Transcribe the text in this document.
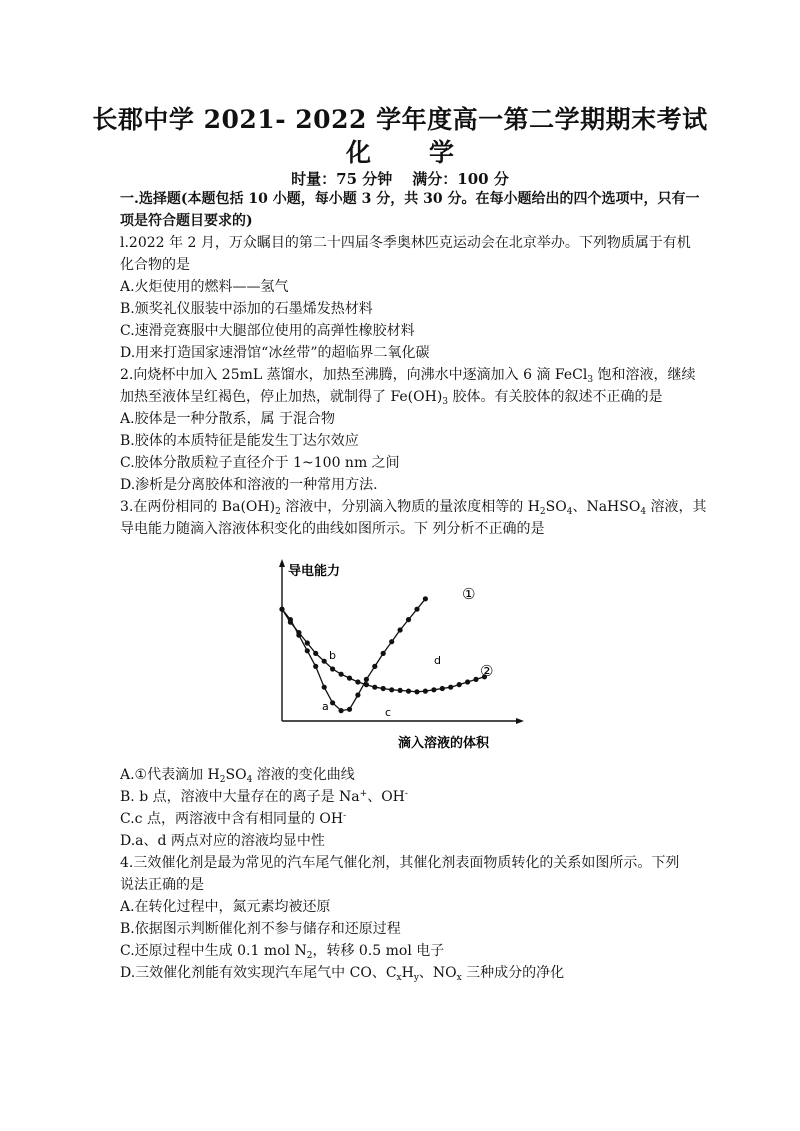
长郡中学 2021- 2022 学年度高一第二学期期末考试
化 学
时量：75 分钟 满分：100 分
一.选择题(本题包括 10 小题，每小题 3 分，共 30 分。在每小题给出的四个选项中，只有一
项是符合题目要求的)
l.2022 年 2 月，万众瞩目的第二十四届冬季奥林匹克运动会在北京举办。下列物质属于有机
化合物的是
A.火炬使用的燃料——氢气
B.颁奖礼仪服装中添加的石墨烯发热材料
C.速滑竞赛服中大腿部位使用的高弹性橡胶材料
D.用来打造国家速滑馆“冰丝带”的超临界二氧化碳
2.向烧杯中加入 25mL 蒸馏水，加热至沸腾，向沸水中逐滴加入 6 滴 FeCl$_3$ 饱和溶液，继续
加热至液体呈红褐色，停止加热，就制得了 $Fe(OH)_3$ 胶体。有关胶体的叙述不正确的是
A.胶体是一种分散系，属 于混合物
B.胶体的本质特征是能发生丁达尔效应
C.胶体分散质粒子直径介于 1~100 nm 之间
D.渗析是分离胶体和溶液的一种常用方法.
3.在两份相同的 $Ba(OH)_2$ 溶液中，分别滴入物质的量浓度相等的 $H_2SO_4$、NaHSO$_4$ 溶液，其
导电能力随滴入溶液体积变化的曲线如图所示。下 列分析不正确的是
导电能力
滴入溶液的体积
a
b
c
d
①
②
A.①代表滴加 $H_2SO_4$ 溶液的变化曲线
B. b 点，溶液中大量存在的离子是 Na+、OH-
C.c 点，两溶液中含有相同量的 OH-
D.a、d 两点对应的溶液均显中性
4.三效催化剂是最为常见的汽车尾气催化剂，其催化剂表面物质转化的关系如图所示。下列
说法正确的是
A.在转化过程中，氮元素均被还原
B.依据图示判断催化剂不参与储存和还原过程
C.还原过程中生成 0.1 mol $N_2$，转移 0.5 mol 电子
D.三效催化剂能有效实现汽车尾气中 CO、$C_xH_y$、$NO_x$ 三种成分的净化
